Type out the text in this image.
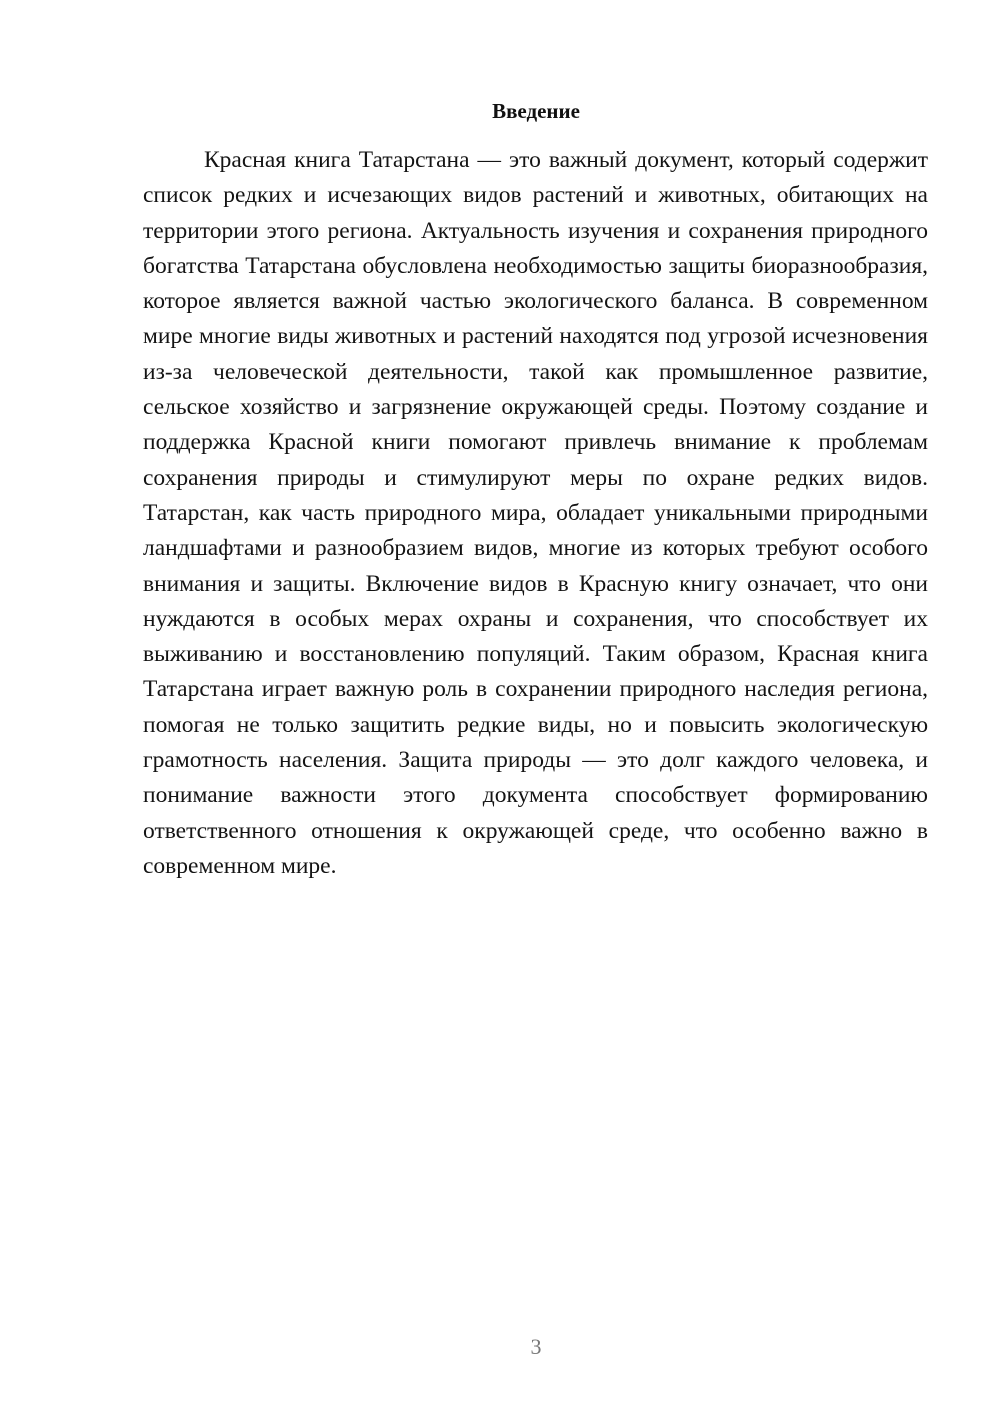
Введение

Красная книга Татарстана — это важный документ, который содержит список редких и исчезающих видов растений и животных, обитающих на территории этого региона. Актуальность изучения и сохранения природного богатства Татарстана обусловлена необходимостью защиты биоразнообразия, которое является важной частью экологического баланса. В современном мире многие виды животных и растений находятся под угрозой исчезновения из-за человеческой деятельности, такой как промышленное развитие, сельское хозяйство и загрязнение окружающей среды. Поэтому создание и поддержка Красной книги помогают привлечь внимание к проблемам сохранения природы и стимулируют меры по охране редких видов. Татарстан, как часть природного мира, обладает уникальными природными ландшафтами и разнообразием видов, многие из которых требуют особого внимания и защиты. Включение видов в Красную книгу означает, что они нуждаются в особых мерах охраны и сохранения, что способствует их выживанию и восстановлению популяций. Таким образом, Красная книга Татарстана играет важную роль в сохранении природного наследия региона, помогая не только защитить редкие виды, но и повысить экологическую грамотность населения. Защита природы — это долг каждого человека, и понимание важности этого документа способствует формированию ответственного отношения к окружающей среде, что особенно важно в современном мире.

3
